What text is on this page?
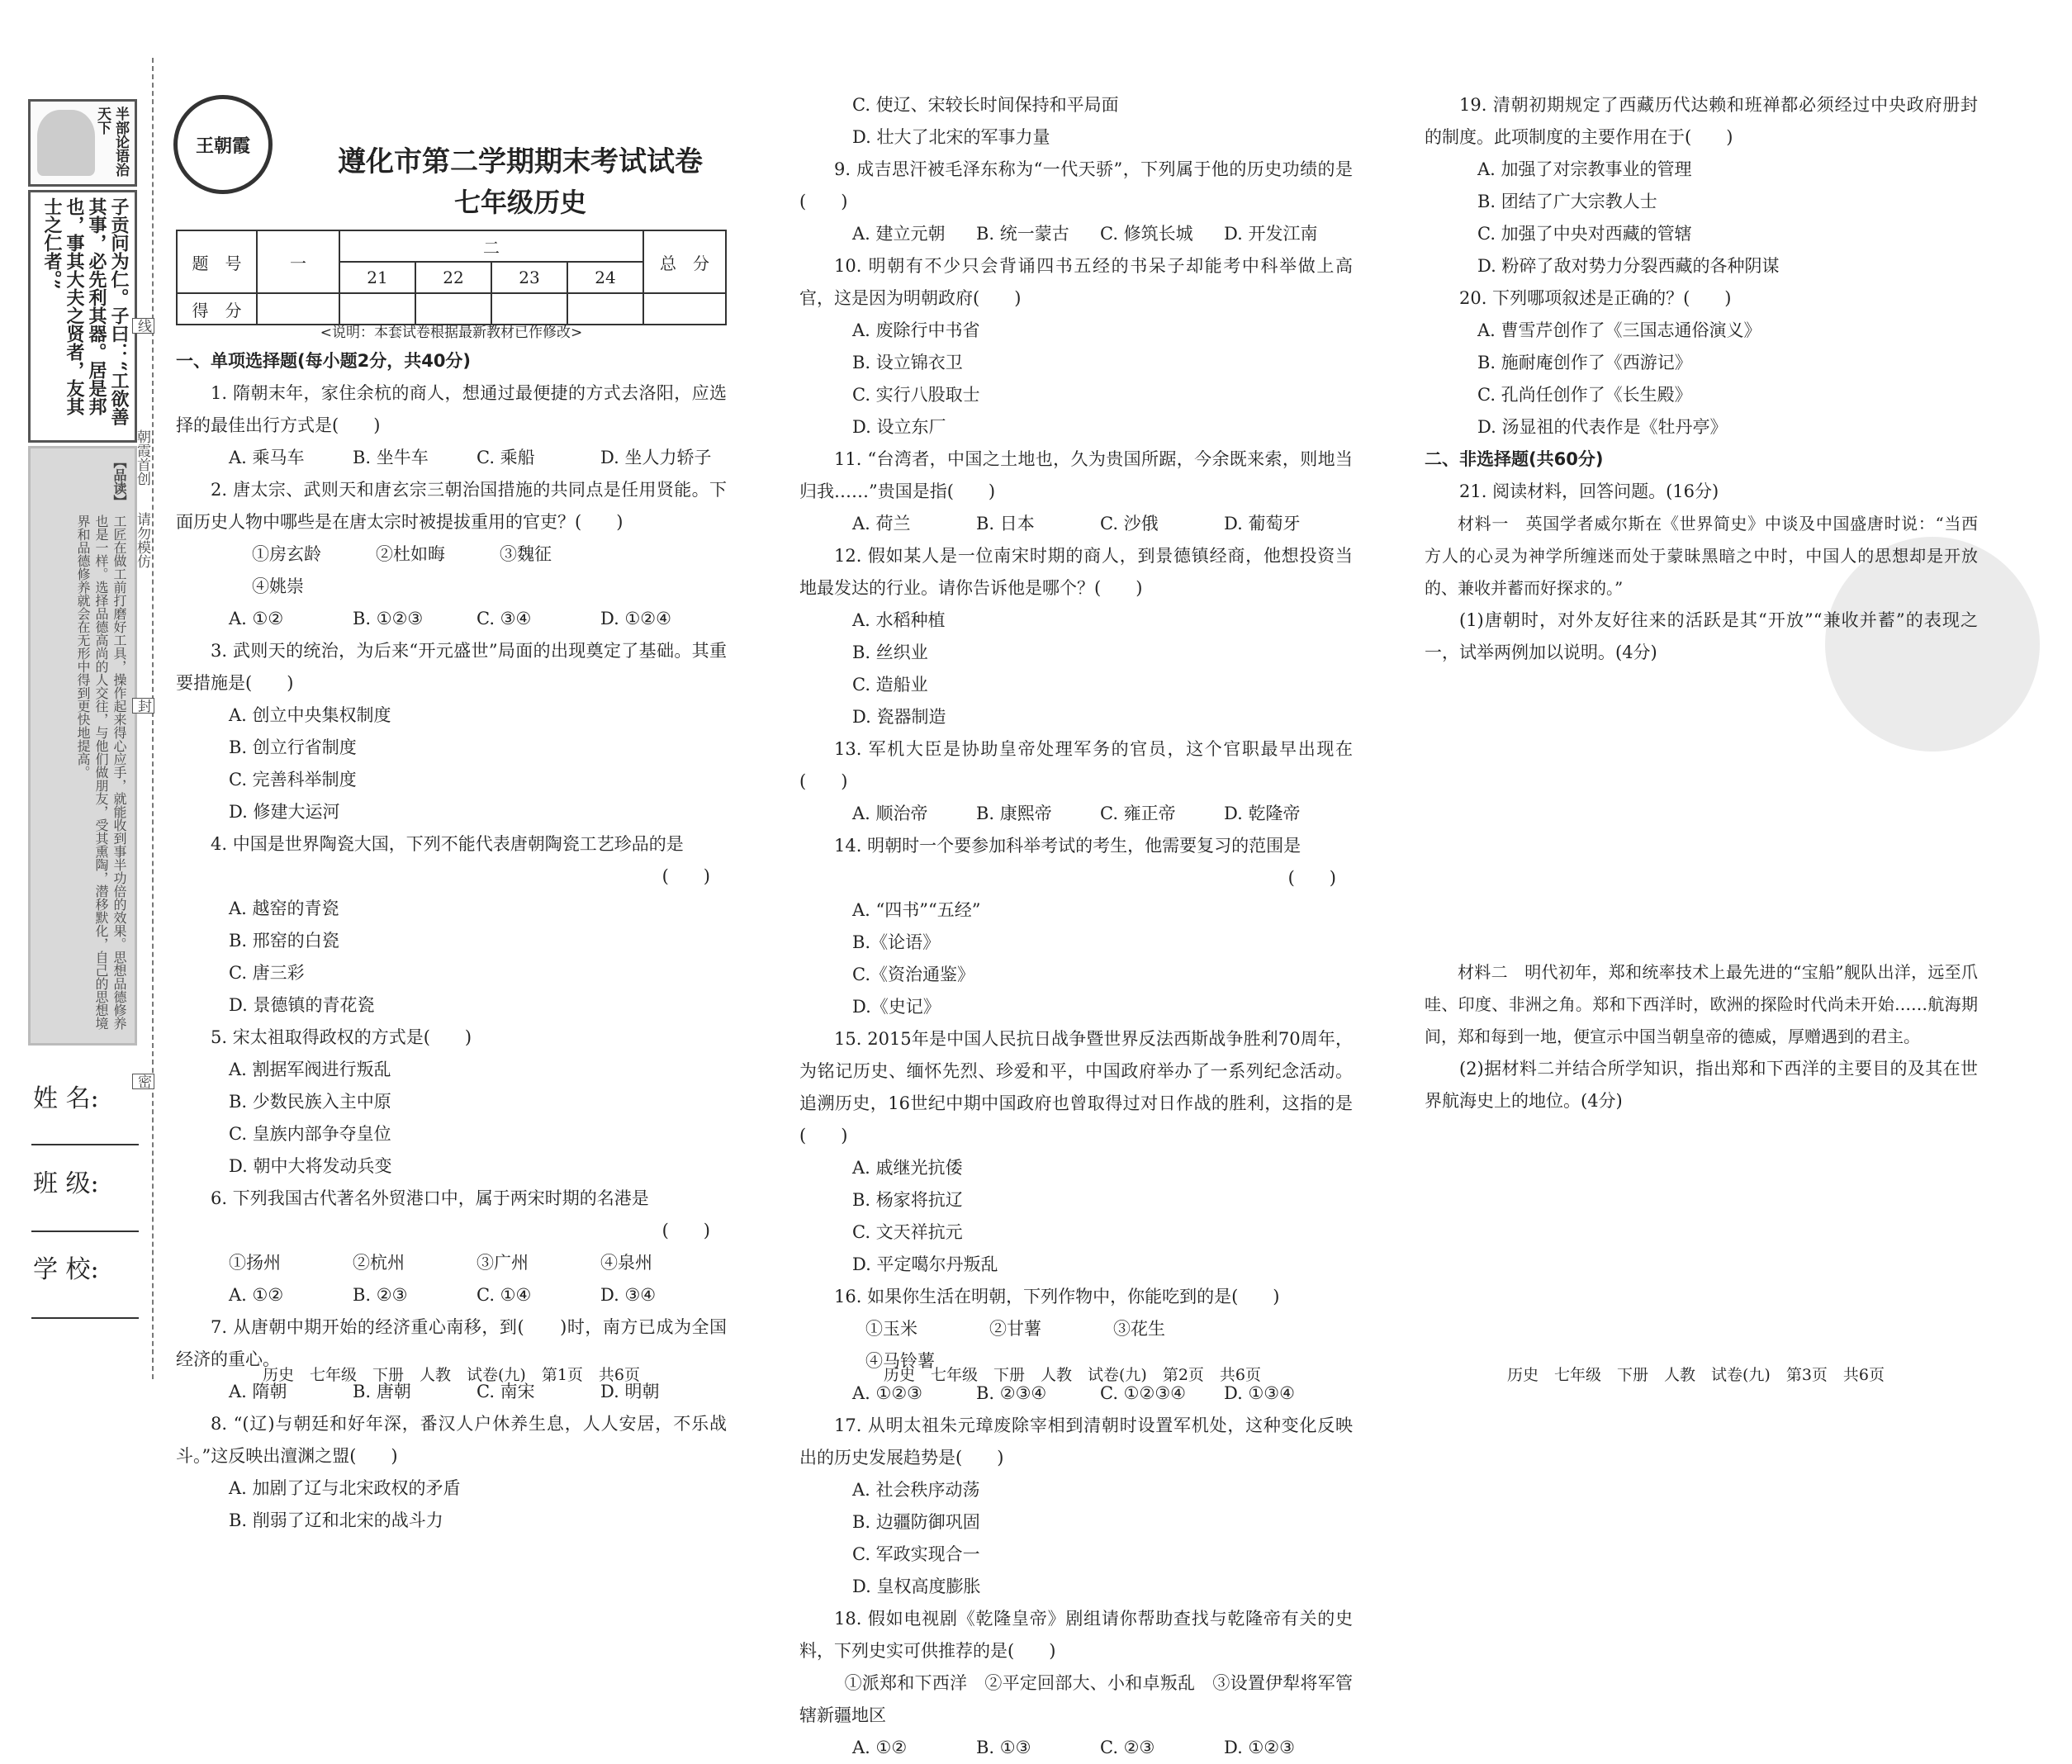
半部论语治天下
子贡问为仁。子曰：“工欲善其事，必先利其器。居是邦也，事其大夫之贤者，友其士之仁者。”
【品读】
工匠在做工前打磨好工具，操作起来得心应手，就能收到事半功倍的效果。思想品德修养也是一样。选择品德高尚的人交往，与他们做朋友，受其熏陶，潜移默化，自己的思想境界和品德修养就会在无形中得到更快地提高。
线
朝霞首创
请勿模仿
封
密
姓 名:
班 级:
学 校:
王朝霞	遵化市第二学期期末考试试卷
七年级历史
题　号	一	二				总　分
		21	22	23	24	
得　分						

<说明：本套试卷根据最新教材已作修改>

一、单项选择题(每小题2分，共40分)

1. 隋朝末年，家住余杭的商人，想通过最便捷的方式去洛阳，应选择的最佳出行方式是(　　)

A. 乘马车	B. 坐牛车	C. 乘船	D. 坐人力轿子

2. 唐太宗、武则天和唐玄宗三朝治国措施的共同点是任用贤能。下面历史人物中哪些是在唐太宗时被提拔重用的官吏？(　　)

①房玄龄	②杜如晦	③魏征
④姚崇

A. ①②	B. ①②③	C. ③④	D. ①②④

3. 武则天的统治，为后来“开元盛世”局面的出现奠定了基础。其重要措施是(　　)

A. 创立中央集权制度
B. 创立行省制度
C. 完善科举制度
D. 修建大运河

4. 中国是世界陶瓷大国，下列不能代表唐朝陶瓷工艺珍品的是

(　　)

A. 越窑的青瓷
B. 邢窑的白瓷
C. 唐三彩
D. 景德镇的青花瓷

5. 宋太祖取得政权的方式是(　　)

A. 割据军阀进行叛乱
B. 少数民族入主中原
C. 皇族内部争夺皇位
D. 朝中大将发动兵变

6. 下列我国古代著名外贸港口中，属于两宋时期的名港是

(　　)

①扬州	②杭州	③广州	④泉州

A. ①②	B. ②③	C. ①④	D. ③④

7. 从唐朝中期开始的经济重心南移，到(　　)时，南方已成为全国经济的重心。

A. 隋朝	B. 唐朝	C. 南宋	D. 明朝

8. “(辽)与朝廷和好年深，番汉人户休养生息，人人安居，不乐战斗。”这反映出澶渊之盟(　　)

A. 加剧了辽与北宋政权的矛盾
B. 削弱了辽和北宋的战斗力

历史　七年级　下册　人教　试卷(九)　第1页　共6页

C. 使辽、宋较长时间保持和平局面
D. 壮大了北宋的军事力量

9. 成吉思汗被毛泽东称为“一代天骄”，下列属于他的历史功绩的是(　　)

A. 建立元朝	B. 统一蒙古	C. 修筑长城	D. 开发江南

10. 明朝有不少只会背诵四书五经的书呆子却能考中科举做上高官，这是因为明朝政府(　　)

A. 废除行中书省
B. 设立锦衣卫
C. 实行八股取士
D. 设立东厂

11. “台湾者，中国之土地也，久为贵国所踞，今余既来索，则地当归我……”贵国是指(　　)

A. 荷兰	B. 日本	C. 沙俄	D. 葡萄牙

12. 假如某人是一位南宋时期的商人，到景德镇经商，他想投资当地最发达的行业。请你告诉他是哪个？(　　)

A. 水稻种植
B. 丝织业
C. 造船业
D. 瓷器制造

13. 军机大臣是协助皇帝处理军务的官员，这个官职最早出现在(　　)

A. 顺治帝	B. 康熙帝	C. 雍正帝	D. 乾隆帝

14. 明朝时一个要参加科举考试的考生，他需要复习的范围是

(　　)

A. “四书”“五经”
B.《论语》
C.《资治通鉴》
D.《史记》

15. 2015年是中国人民抗日战争暨世界反法西斯战争胜利70周年，为铭记历史、缅怀先烈、珍爱和平，中国政府举办了一系列纪念活动。追溯历史，16世纪中期中国政府也曾取得过对日作战的胜利，这指的是(　　)

A. 戚继光抗倭
B. 杨家将抗辽
C. 文天祥抗元
D. 平定噶尔丹叛乱

16. 如果你生活在明朝，下列作物中，你能吃到的是(　　)

①玉米	②甘薯	③花生
④马铃薯

A. ①②③	B. ②③④	C. ①②③④	D. ①③④

17. 从明太祖朱元璋废除宰相到清朝时设置军机处，这种变化反映出的历史发展趋势是(　　)

A. 社会秩序动荡
B. 边疆防御巩固
C. 军政实现合一
D. 皇权高度膨胀

18. 假如电视剧《乾隆皇帝》剧组请你帮助查找与乾隆帝有关的史料，下列史实可供推荐的是(　　)

①派郑和下西洋　②平定回部大、小和卓叛乱　③设置伊犁将军管辖新疆地区

A. ①②	B. ①③	C. ②③	D. ①②③

历史　七年级　下册　人教　试卷(九)　第2页　共6页

19. 清朝初期规定了西藏历代达赖和班禅都必须经过中央政府册封的制度。此项制度的主要作用在于(　　)

A. 加强了对宗教事业的管理
B. 团结了广大宗教人士
C. 加强了中央对西藏的管辖
D. 粉碎了敌对势力分裂西藏的各种阴谋

20. 下列哪项叙述是正确的？(　　)

A. 曹雪芹创作了《三国志通俗演义》
B. 施耐庵创作了《西游记》
C. 孔尚任创作了《长生殿》
D. 汤显祖的代表作是《牡丹亭》

二、非选择题(共60分)

21. 阅读材料，回答问题。(16分)

材料一　英国学者威尔斯在《世界简史》中谈及中国盛唐时说：“当西方人的心灵为神学所缠迷而处于蒙昧黑暗之中时，中国人的思想却是开放的、兼收并蓄而好探求的。”

(1)唐朝时，对外友好往来的活跃是其“开放”“兼收并蓄”的表现之一，试举两例加以说明。(4分)

材料二　明代初年，郑和统率技术上最先进的“宝船”舰队出洋，远至爪哇、印度、非洲之角。郑和下西洋时，欧洲的探险时代尚未开始……航海期间，郑和每到一地，便宣示中国当朝皇帝的德威，厚赠遇到的君主。

(2)据材料二并结合所学知识，指出郑和下西洋的主要目的及其在世界航海史上的地位。(4分)

历史　七年级　下册　人教　试卷(九)　第3页　共6页
